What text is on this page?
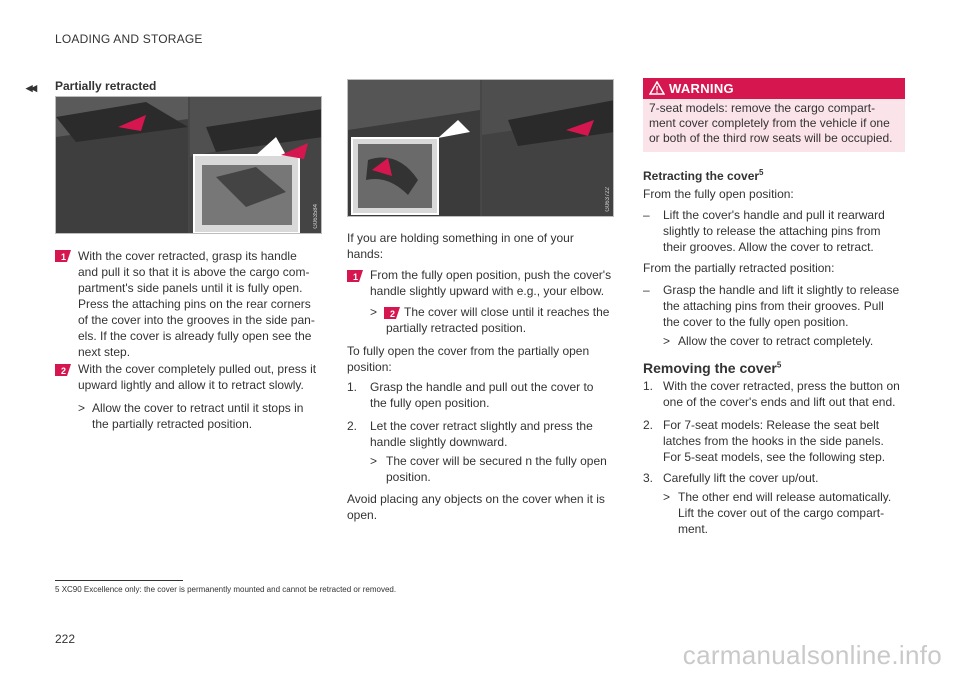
LOADING AND STORAGE
◂◂ Partially retracted
G063584
1 With the cover retracted, grasp its handle
and pull it so that it is above the cargo com-
partment's side panels until it is fully open.
Press the attaching pins on the rear corners
of the cover into the grooves in the side pan-
els. If the cover is already fully open see the
next step.
2 With the cover completely pulled out, press it
upward lightly and allow it to retract slowly.
> Allow the cover to retract until it stops in
the partially retracted position.
G063722
If you are holding something in one of your
hands:
1 From the fully open position, push the cover's
handle slightly upward with e.g., your elbow.
> 2 The cover will close until it reaches the
partially retracted position.
To fully open the cover from the partially open
position:
1. Grasp the handle and pull out the cover to
the fully open position.
2. Let the cover retract slightly and press the
handle slightly downward.
> The cover will be secured n the fully open
position.
Avoid placing any objects on the cover when it is
open.
WARNING
7-seat models: remove the cargo compart-
ment cover completely from the vehicle if one
or both of the third row seats will be occupied.
Retracting the cover$^5$
From the fully open position:
– Lift the cover's handle and pull it rearward
slightly to release the attaching pins from
their grooves. Allow the cover to retract.
From the partially retracted position:
– Grasp the handle and lift it slightly to release
the attaching pins from their grooves. Pull
the cover to the fully open position.
> Allow the cover to retract completely.
Removing the cover$^5$
1. With the cover retracted, press the button on
one of the cover's ends and lift out that end.
2. For 7-seat models: Release the seat belt
latches from the hooks in the side panels.
For 5-seat models, see the following step.
3. Carefully lift the cover up/out.
> The other end will release automatically.
Lift the cover out of the cargo compart-
ment.
5 XC90 Excellence only: the cover is permanently mounted and cannot be retracted or removed.
222
carmanualsonline.info
